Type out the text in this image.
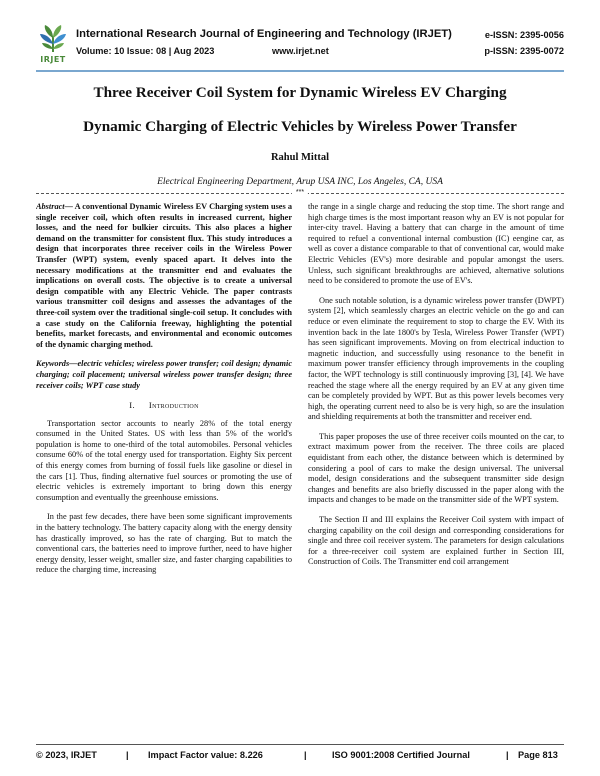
IRJET
International Research Journal of Engineering and Technology (IRJET)
Volume: 10 Issue: 08 | Aug 2023	www.irjet.net
e-ISSN: 2395-0056
p-ISSN: 2395-0072
Three Receiver Coil System for Dynamic Wireless EV Charging
Dynamic Charging of Electric Vehicles by Wireless Power Transfer
Rahul Mittal
Electrical Engineering Department, Arup USA INC, Los Angeles, CA, USA
***

Abstract— A conventional Dynamic Wireless EV Charging system uses a single receiver coil, which often results in increased current, higher losses, and the need for bulkier circuits. This also places a higher demand on the transmitter for consistent flux. This study introduces a design that incorporates three receiver coils in the Wireless Power Transfer (WPT) system, evenly spaced apart. It delves into the necessary modifications at the transmitter end and evaluates the implications on overall costs. The objective is to create a universal design compatible with any Electric Vehicle. The paper contrasts various transmitter coil designs and assesses the advantages of the three-coil system over the traditional single-coil setup. It concludes with a case study on the California freeway, highlighting the potential benefits, market forecasts, and environmental and economic outcomes of the dynamic charging method.

Keywords—electric vehicles; wireless power transfer; coil design; dynamic charging; coil placement; universal wireless power transfer design; three receiver coils; WPT case study

I. Introduction

Transportation sector accounts to nearly 28% of the total energy consumed in the United States. US with less than 5% of the world's population is home to one-third of the total automobiles. Personal vehicles consume 60% of the total energy used for transportation. Eighty Six percent of this energy comes from burning of fossil fuels like gasoline or diesel in the cars [1]. Thus, finding alternative fuel sources or promoting the use of electric vehicles is extremely important to bring down this energy consumption and eventually the greenhouse emissions.

In the past few decades, there have been some significant improvements in the battery technology. The battery capacity along with the energy density has drastically improved, so has the rate of charging. But to match the conventional cars, the batteries need to improve further, need to have higher energy density, lesser weight, smaller size, and faster charging capabilities to reduce the charging time, increasing

the range in a single charge and reducing the stop time. The short range and high charge times is the most important reason why an EV is not popular for inter-city travel. Having a battery that can charge in the amount of time required to refuel a conventional internal combustion (IC) eengine car, as well as cover a distance comparable to that of conventional car, would make Electric Vehicles (EV's) more desirable and popular amongst the users. Unless, such significant breakthroughs are achieved, alternative solutions need to be considered to promote the use of EV's.

One such notable solution, is a dynamic wireless power transfer (DWPT) system [2], which seamlessly charges an electric vehicle on the go and can reduce or even eliminate the requirement to stop to charge the EV. With its invention back in the late 1800's by Tesla, Wireless Power Transfer (WPT) has seen significant improvements. Moving on from electrical induction to magnetic induction, and successfully using resonance to the benefit in maximum power transfer efficiency through improvements in the coupling factor, the WPT technology is still continuously improving [3], [4]. We have reached the stage where all the energy required by an EV at any given time can be completely provided by WPT. But as this power levels becomes very high, the operating current need to also be is very high, so are the insulation and shielding requirements at both the transmitter and receiver end.

This paper proposes the use of three receiver coils mounted on the car, to extract maximum power from the receiver. The three coils are placed equidistant from each other, the distance between which is determined by considering a pool of cars to make the design universal. The universal model, design considerations and the subsequent transmitter side design changes and benefits are also briefly discussed in the paper along with the impacts and changes to be made on the transmitter side of the WPT system.

The Section II and III explains the Receiver Coil system with impact of charging capability on the coil design and corresponding considerations for single and three coil receiver system. The parameters for design calculations for a three-receiver coil system are explained further in Section III, Construction of Coils. The Transmitter end coil arrangement

© 2023, IRJET	| Impact Factor value: 8.226	|	ISO 9001:2008 Certified Journal	| Page 813
